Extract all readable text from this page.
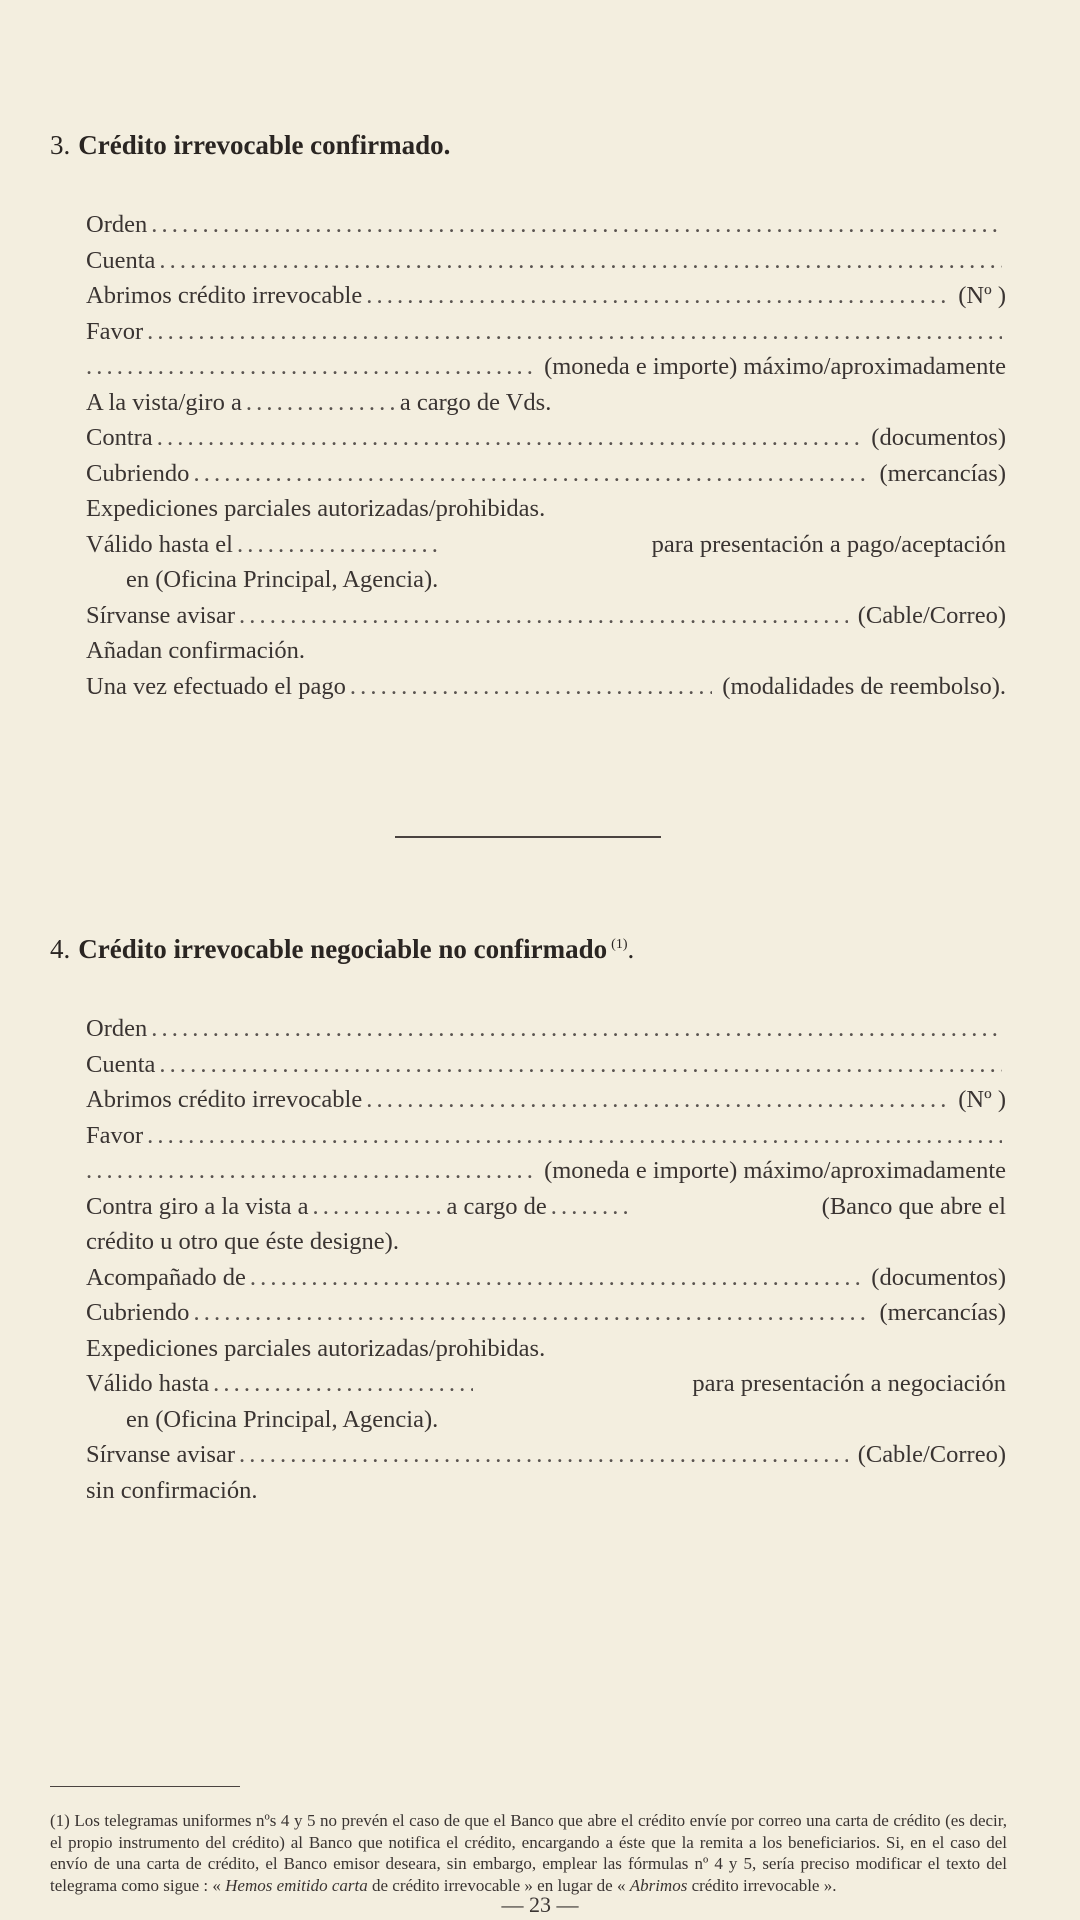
3. Crédito irrevocable confirmado.
Orden
. . .
Cuenta
. . .
Abrimos crédito irrevocable . . .	(Nº )
Favor
. . .
. . .
(moneda e importe) máximo/aproximadamente
A la vista/giro a . . .	a cargo de Vds.
Contra . . .	(documentos)
Cubriendo . . .	(mercancías)
Expediciones parciales autorizadas/prohibidas.
Válido hasta el . . .	para presentación a pago/aceptación
en (Oficina Principal, Agencia).
Sírvanse avisar . . .	(Cable/Correo)
Añadan confirmación.
Una vez efectuado el pago . . .	(modalidades de reembolso).
4. Crédito irrevocable negociable no confirmado $^{(1)}$.
Orden
. . .
Cuenta
. . .
Abrimos crédito irrevocable . . .	(Nº )
Favor
. . .
. . .
(moneda e importe) máximo/aproximadamente
Contra giro a la vista a . . .	a cargo de . . .	(Banco que abre el
crédito u otro que éste designe).
Acompañado de . . .	(documentos)
Cubriendo . . .	(mercancías)
Expediciones parciales autorizadas/prohibidas.
Válido hasta . . .	para presentación a negociación
en (Oficina Principal, Agencia).
Sírvanse avisar . . .	(Cable/Correo)
sin confirmación.
(1) Los telegramas uniformes nºs 4 y 5 no prevén el caso de que el Banco que abre el crédito envíe por correo una carta de crédito (es decir, el propio instrumento del crédito) al Banco que notifica el crédito, encargando a éste que la remita a los beneficiarios. Si, en el caso del envío de una carta de crédito, el Banco emisor deseara, sin embargo, emplear las fórmulas nº 4 y 5, sería preciso modificar el texto del telegrama como sigue : « Hemos emitido carta de crédito irrevocable » en lugar de « Abrimos crédito irrevocable ».
— 23 —
